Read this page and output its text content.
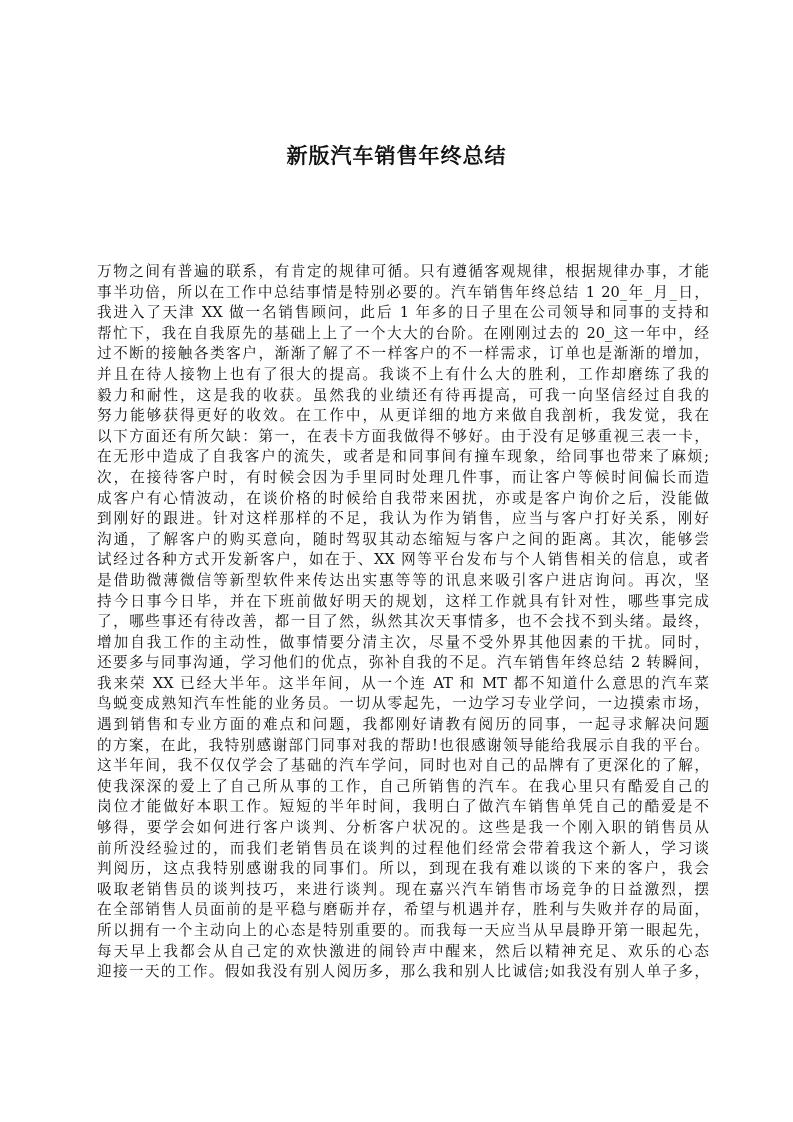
新版汽车销售年终总结
万物之间有普遍的联系，有肯定的规律可循。只有遵循客观规律，根据规律办事，才能
事半功倍，所以在工作中总结事情是特别必要的。汽车销售年终总结 1 20_年_月_日，
我进入了天津 XX 做一名销售顾问，此后 1 年多的日子里在公司领导和同事的支持和
帮忙下，我在自我原先的基础上上了一个大大的台阶。在刚刚过去的 20_这一年中，经
过不断的接触各类客户，渐渐了解了不一样客户的不一样需求，订单也是渐渐的增加，
并且在待人接物上也有了很大的提高。我谈不上有什么大的胜利，工作却磨练了我的
毅力和耐性，这是我的收获。虽然我的业绩还有待再提高，可我一向坚信经过自我的
努力能够获得更好的收效。在工作中，从更详细的地方来做自我剖析，我发觉，我在
以下方面还有所欠缺：第一，在表卡方面我做得不够好。由于没有足够重视三表一卡，
在无形中造成了自我客户的流失，或者是和同事间有撞车现象，给同事也带来了麻烦;
次，在接待客户时，有时候会因为手里同时处理几件事，而让客户等候时间偏长而造
成客户有心情波动，在谈价格的时候给自我带来困扰，亦或是客户询价之后，没能做
到刚好的跟进。针对这样那样的不足，我认为作为销售，应当与客户打好关系，刚好
沟通，了解客户的购买意向，随时驾驭其动态缩短与客户之间的距离。其次，能够尝
试经过各种方式开发新客户，如在于、XX 网等平台发布与个人销售相关的信息，或者
是借助微薄微信等新型软件来传达出实惠等等的讯息来吸引客户进店询问。再次，坚
持今日事今日毕，并在下班前做好明天的规划，这样工作就具有针对性，哪些事完成
了，哪些事还有待改善，都一目了然，纵然其次天事情多，也不会找不到头绪。最终，
增加自我工作的主动性，做事情要分清主次，尽量不受外界其他因素的干扰。同时，
还要多与同事沟通，学习他们的优点，弥补自我的不足。汽车销售年终总结 2 转瞬间，
我来荣 XX 已经大半年。这半年间，从一个连 AT 和 MT 都不知道什么意思的汽车菜
鸟蜕变成熟知汽车性能的业务员。一切从零起先，一边学习专业学问，一边摸索市场，
遇到销售和专业方面的难点和问题，我都刚好请教有阅历的同事，一起寻求解决问题
的方案，在此，我特别感谢部门同事对我的帮助!也很感谢领导能给我展示自我的平台。
这半年间，我不仅仅学会了基础的汽车学问，同时也对自己的品牌有了更深化的了解，
使我深深的爱上了自己所从事的工作，自己所销售的汽车。在我心里只有酷爱自己的
岗位才能做好本职工作。短短的半年时间，我明白了做汽车销售单凭自己的酷爱是不
够得，要学会如何进行客户谈判、分析客户状况的。这些是我一个刚入职的销售员从
前所没经验过的，而我们老销售员在谈判的过程他们经常会带着我这个新人，学习谈
判阅历，这点我特别感谢我的同事们。所以，到现在我有难以谈的下来的客户，我会
吸取老销售员的谈判技巧，来进行谈判。现在嘉兴汽车销售市场竞争的日益激烈，摆
在全部销售人员面前的是平稳与磨砺并存，希望与机遇并存，胜利与失败并存的局面，
所以拥有一个主动向上的心态是特别重要的。而我每一天应当从早晨睁开第一眼起先，
每天早上我都会从自己定的欢快激进的闹铃声中醒来，然后以精神充足、欢乐的心态
迎接一天的工作。假如我没有别人阅历多，那么我和别人比诚信;如我没有别人单子多，
